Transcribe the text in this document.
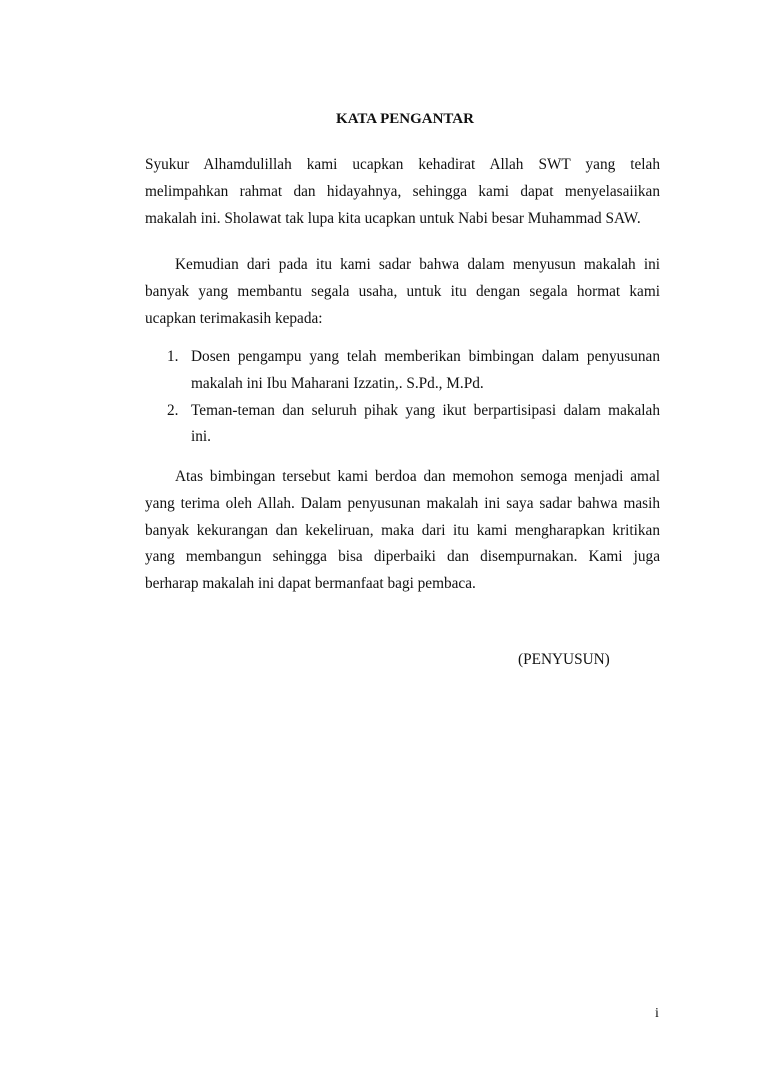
KATA PENGANTAR
Syukur Alhamdulillah kami ucapkan kehadirat Allah SWT yang telah
melimpahkan rahmat dan hidayahnya, sehingga kami dapat menyelasaiikan
makalah ini. Sholawat tak lupa kita ucapkan untuk Nabi besar Muhammad SAW.
Kemudian dari pada itu kami sadar bahwa dalam menyusun makalah ini
banyak yang membantu segala usaha, untuk itu dengan segala hormat kami
ucapkan terimakasih kepada:
1. Dosen pengampu yang telah memberikan bimbingan dalam penyusunan
makalah ini Ibu Maharani Izzatin,. S.Pd., M.Pd.
2. Teman-teman dan seluruh pihak yang ikut berpartisipasi dalam makalah
ini.
Atas bimbingan tersebut kami berdoa dan memohon semoga menjadi amal
yang terima oleh Allah. Dalam penyusunan makalah ini saya sadar bahwa masih
banyak kekurangan dan kekeliruan, maka dari itu kami mengharapkan kritikan
yang membangun sehingga bisa diperbaiki dan disempurnakan. Kami juga
berharap makalah ini dapat bermanfaat bagi pembaca.
(PENYUSUN)
i
